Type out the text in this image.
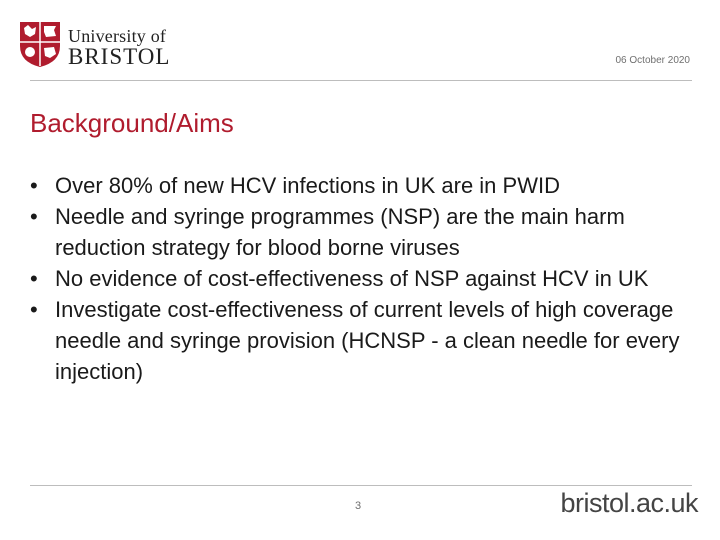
University of
BRISTOL	06 October 2020
Background/Aims
• Over 80% of new HCV infections in UK are in PWID
• Needle and syringe programmes (NSP) are the main harm reduction strategy for blood borne viruses
• No evidence of cost-effectiveness of NSP against HCV in UK
• Investigate cost-effectiveness of current levels of high coverage needle and syringe provision (HCNSP - a clean needle for every injection)
3	bristol.ac.uk
